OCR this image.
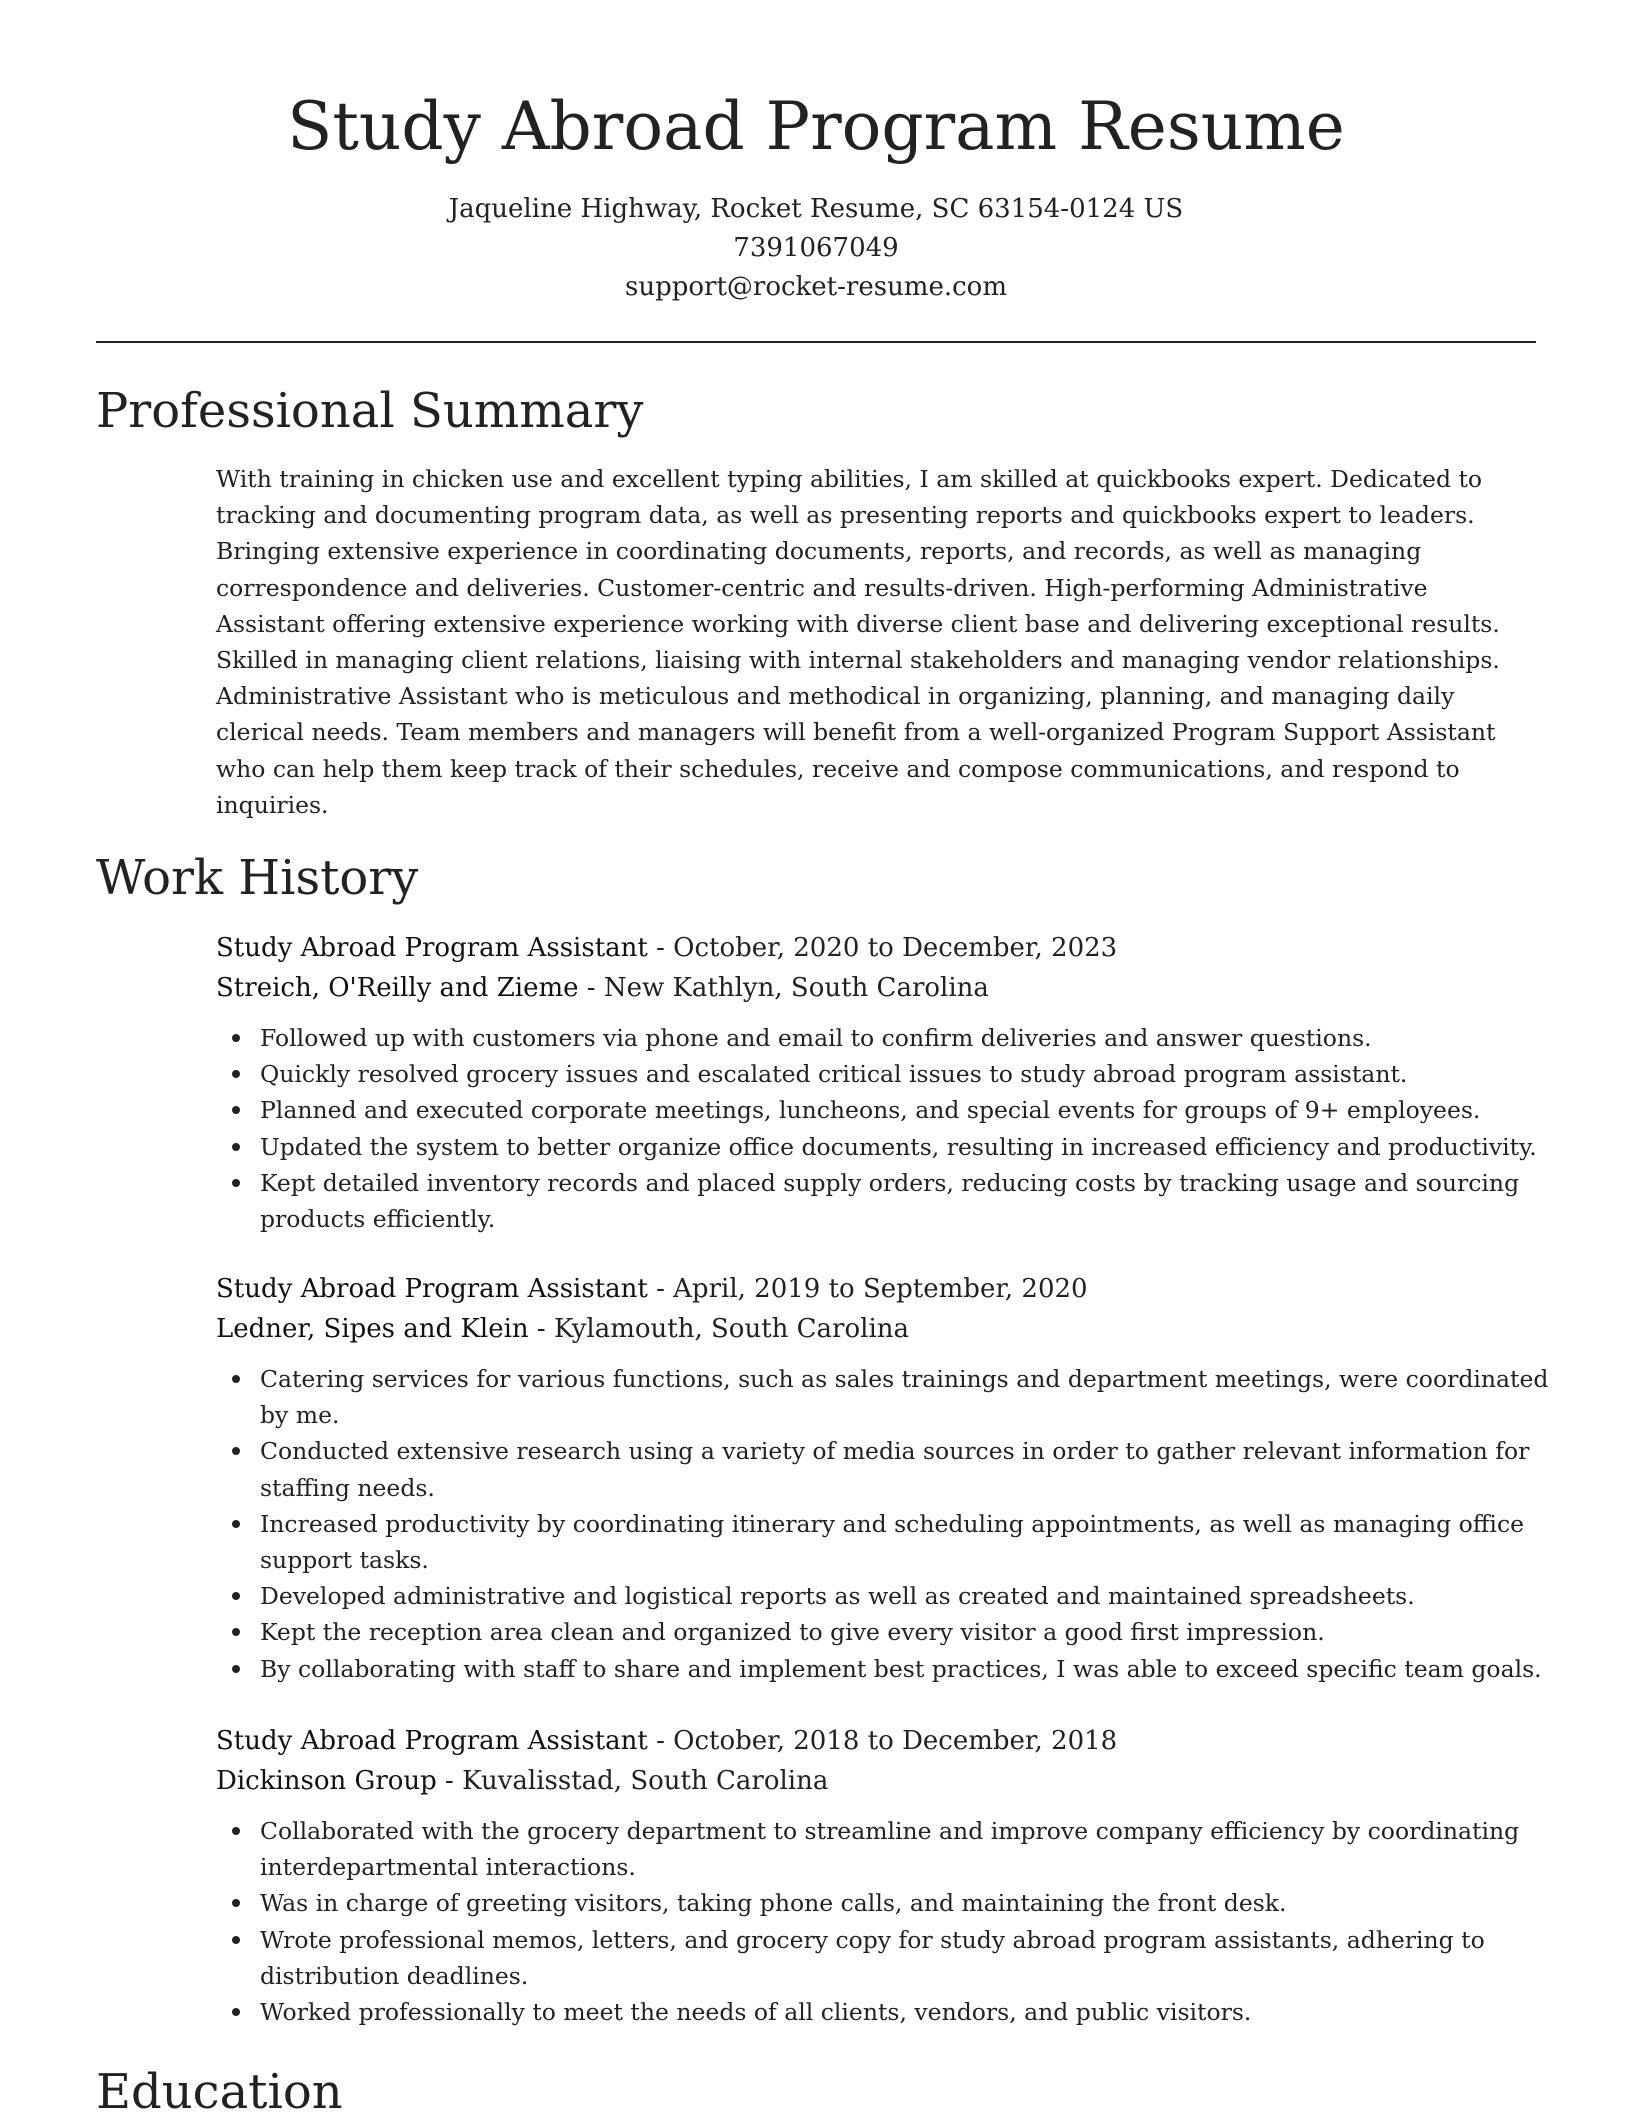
Study Abroad Program Resume
Jaqueline Highway, Rocket Resume, SC 63154-0124 US
7391067049
support@rocket-resume.com
Professional Summary
With training in chicken use and excellent typing abilities, I am skilled at quickbooks expert. Dedicated to tracking and documenting program data, as well as presenting reports and quickbooks expert to leaders. Bringing extensive experience in coordinating documents, reports, and records, as well as managing correspondence and deliveries. Customer-centric and results-driven. High-performing Administrative Assistant offering extensive experience working with diverse client base and delivering exceptional results. Skilled in managing client relations, liaising with internal stakeholders and managing vendor relationships. Administrative Assistant who is meticulous and methodical in organizing, planning, and managing daily clerical needs. Team members and managers will benefit from a well-organized Program Support Assistant who can help them keep track of their schedules, receive and compose communications, and respond to inquiries.
Work History
Study Abroad Program Assistant - October, 2020 to December, 2023
Streich, O'Reilly and Zieme - New Kathlyn, South Carolina
Followed up with customers via phone and email to confirm deliveries and answer questions.
Quickly resolved grocery issues and escalated critical issues to study abroad program assistant.
Planned and executed corporate meetings, luncheons, and special events for groups of 9+ employees.
Updated the system to better organize office documents, resulting in increased efficiency and productivity.
Kept detailed inventory records and placed supply orders, reducing costs by tracking usage and sourcing products efficiently.
Study Abroad Program Assistant - April, 2019 to September, 2020
Ledner, Sipes and Klein - Kylamouth, South Carolina
Catering services for various functions, such as sales trainings and department meetings, were coordinated by me.
Conducted extensive research using a variety of media sources in order to gather relevant information for staffing needs.
Increased productivity by coordinating itinerary and scheduling appointments, as well as managing office support tasks.
Developed administrative and logistical reports as well as created and maintained spreadsheets.
Kept the reception area clean and organized to give every visitor a good first impression.
By collaborating with staff to share and implement best practices, I was able to exceed specific team goals.
Study Abroad Program Assistant - October, 2018 to December, 2018
Dickinson Group - Kuvalisstad, South Carolina
Collaborated with the grocery department to streamline and improve company efficiency by coordinating interdepartmental interactions.
Was in charge of greeting visitors, taking phone calls, and maintaining the front desk.
Wrote professional memos, letters, and grocery copy for study abroad program assistants, adhering to distribution deadlines.
Worked professionally to meet the needs of all clients, vendors, and public visitors.
Education
